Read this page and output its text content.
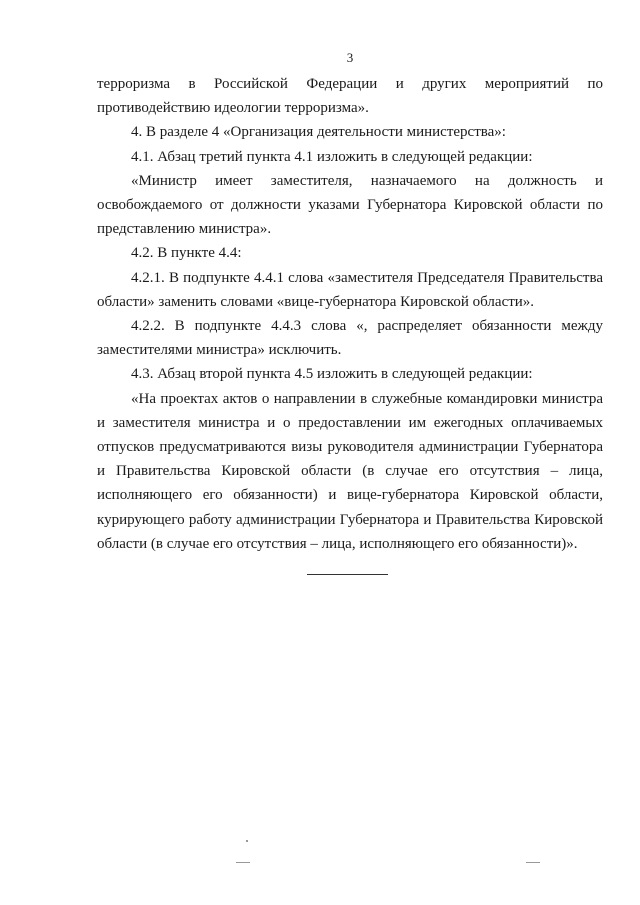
3

терроризма в Российской Федерации и других мероприятий по противодействию идеологии терроризма».

4. В разделе 4 «Организация деятельности министерства»:

4.1. Абзац третий пункта 4.1 изложить в следующей редакции:

«Министр имеет заместителя, назначаемого на должность и освобождаемого от должности указами Губернатора Кировской области по представлению министра».

4.2. В пункте 4.4:

4.2.1. В подпункте 4.4.1 слова «заместителя Председателя Правительства области» заменить словами «вице-губернатора Кировской области».

4.2.2. В подпункте 4.4.3 слова «, распределяет обязанности между заместителями министра» исключить.

4.3. Абзац второй пункта 4.5 изложить в следующей редакции:

«На проектах актов о направлении в служебные командировки министра и заместителя министра и о предоставлении им ежегодных оплачиваемых отпусков предусматриваются визы руководителя администрации Губернатора и Правительства Кировской области (в случае его отсутствия – лица, исполняющего его обязанности) и вице-губернатора Кировской области, курирующего работу администрации Губернатора и Правительства Кировской области (в случае его отсутствия – лица, исполняющего его обязанности)».
